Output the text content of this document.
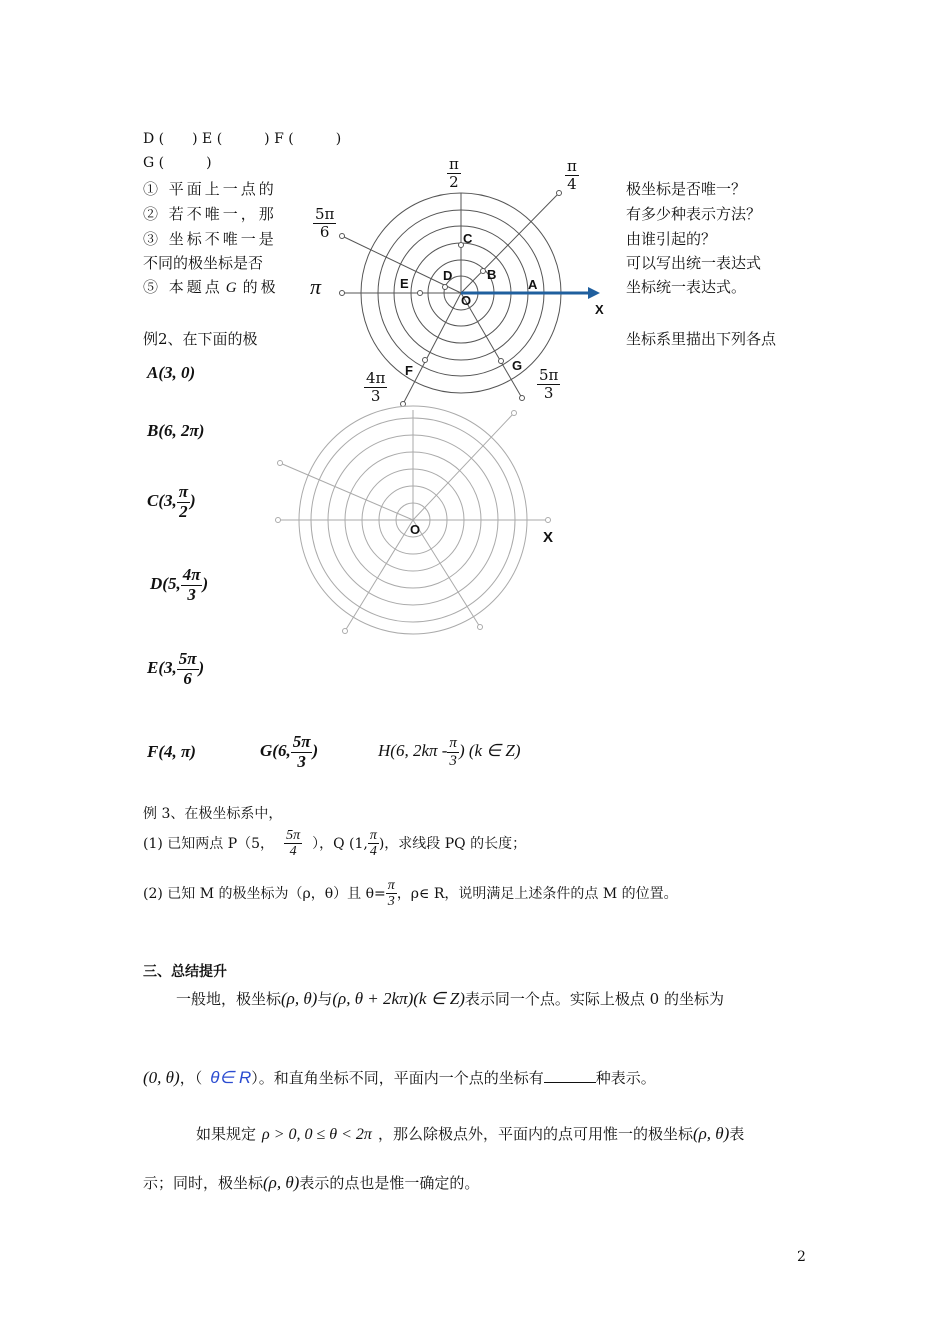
D (　　) E (　　　) F (　　　)
G (　　　)
① 平面上一点的
② 若不唯一，那
③ 坐标不唯一是
不同的极坐标是否
⑤ 本题点 G 的极
极坐标是否唯一？
有多少种表示方法？
由谁引起的？
可以写出统一表达式
坐标统一表达式。
C
B
D
E	A
O
X
F	G
$\frac{\pi}{2}$	$\frac{\pi}{4}$
$\frac{5\pi}{6}$
π
$\frac{4\pi}{3}$	$\frac{5\pi}{3}$
例2、在下面的极	坐标系里描出下列各点
A(3, 0)
B(6, 2π)
C(3, $\frac{\pi}{2}$ )
D(5, $\frac{4\pi}{3}$ )
E(3, $\frac{5\pi}{6}$ )
F(4, π)	G(6, $\frac{5\pi}{3}$ )	H(6, $2k\pi - \frac{\pi}{3}$ ) (k ∈ Z)
O	X
例 3、在极坐标系中，
(1) 已知两点 P（5， $\frac{5\pi}{4}$ ），Q (1, $\frac{\pi}{4}$ )，求线段 PQ 的长度；
(2) 已知 M 的极坐标为（ρ，θ）且 $\theta= \frac{\pi}{3}$ ，ρ∈ R，说明满足上述条件的点 M 的位置。
三、总结提升
一般地，极坐标(ρ, θ)与(ρ, θ + 2kπ)(k ∈ Z)表示同一个点。实际上极点 0 的坐标为
(0, θ)，（ θ∈ R）。和直角坐标不同，平面内一个点的坐标有	种表示。
如果规定 ρ > 0, 0 ≤ θ < 2π ，那么除极点外，平面内的点可用惟一的极坐标(ρ, θ)表
示；同时，极坐标(ρ, θ)表示的点也是惟一确定的。
2
